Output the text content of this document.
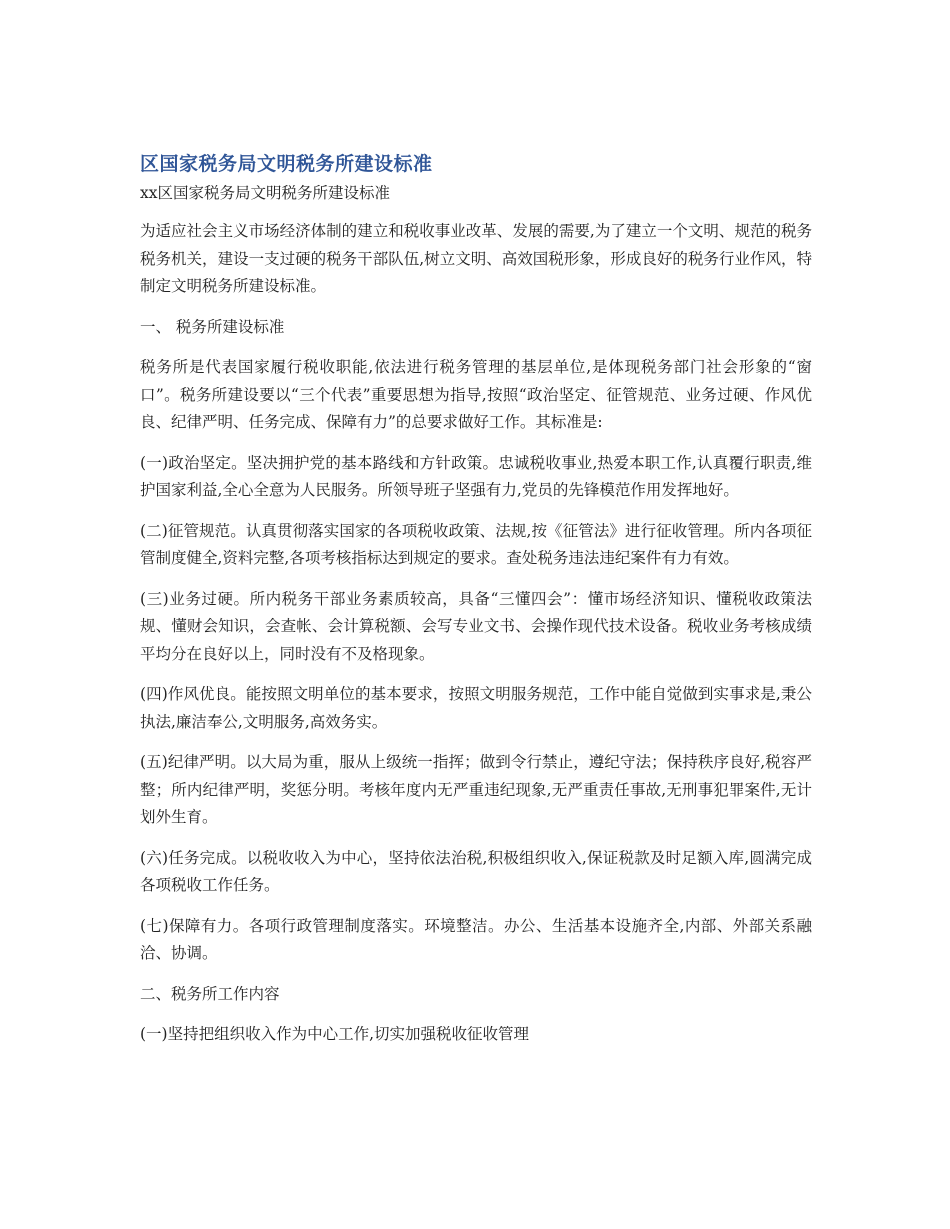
区国家税务局文明税务所建设标准

xx区国家税务局文明税务所建设标准

为适应社会主义市场经济体制的建立和税收事业改革、发展的需要,为了建立一个文明、规范的税务税务机关，建设一支过硬的税务干部队伍,树立文明、高效国税形象，形成良好的税务行业作风，特制定文明税务所建设标准。

一、 税务所建设标准

税务所是代表国家履行税收职能,依法进行税务管理的基层单位,是体现税务部门社会形象的“窗口”。税务所建设要以“三个代表”重要思想为指导,按照“政治坚定、征管规范、业务过硬、作风优良、纪律严明、任务完成、保障有力”的总要求做好工作。其标准是:

(一)政治坚定。坚决拥护党的基本路线和方针政策。忠诚税收事业,热爱本职工作,认真覆行职责,维护国家利益,全心全意为人民服务。所领导班子坚强有力,党员的先锋模范作用发挥地好。

(二)征管规范。认真贯彻落实国家的各项税收政策、法规,按《征管法》进行征收管理。所内各项征管制度健全,资料完整,各项考核指标达到规定的要求。查处税务违法违纪案件有力有效。

(三)业务过硬。所内税务干部业务素质较高，具备“三懂四会”：懂市场经济知识、懂税收政策法规、懂财会知识，会查帐、会计算税额、会写专业文书、会操作现代技术设备。税收业务考核成绩平均分在良好以上，同时没有不及格现象。

(四)作风优良。能按照文明单位的基本要求，按照文明服务规范，工作中能自觉做到实事求是,秉公执法,廉洁奉公,文明服务,高效务实。

(五)纪律严明。以大局为重，服从上级统一指挥；做到令行禁止，遵纪守法；保持秩序良好,税容严整；所内纪律严明，奖惩分明。考核年度内无严重违纪现象,无严重责任事故,无刑事犯罪案件,无计划外生育。

(六)任务完成。以税收收入为中心，坚持依法治税,积极组织收入,保证税款及时足额入库,圆满完成各项税收工作任务。

(七)保障有力。各项行政管理制度落实。环境整洁。办公、生活基本设施齐全,内部、外部关系融洽、协调。

二、税务所工作内容

(一)坚持把组织收入作为中心工作,切实加强税收征收管理
